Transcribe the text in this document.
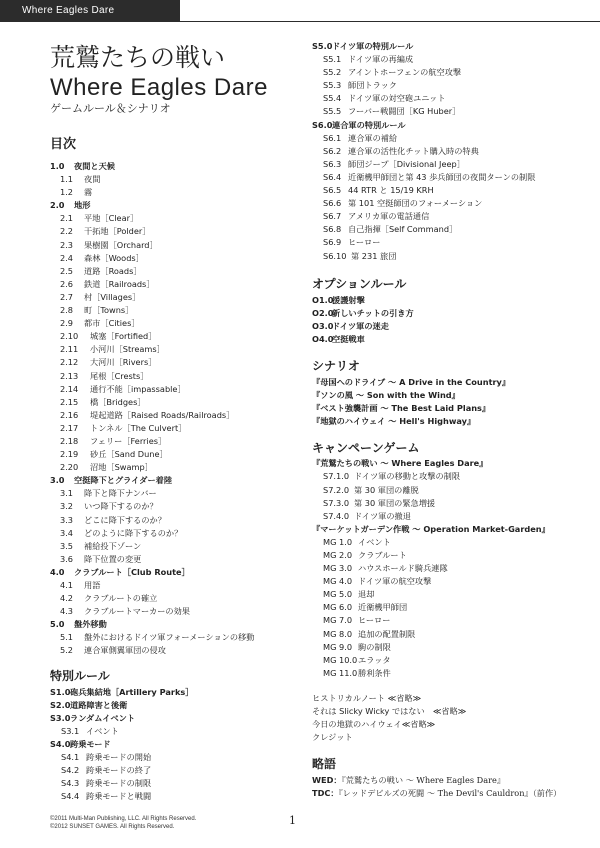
Where Eagles Dare
荒鷲たちの戦い
Where Eagles Dare
ゲームルール＆シナリオ
目次
1.0 夜間と天候
1.1 夜間
1.2 霧
2.0 地形
2.1 平地［Clear］
2.2 干拓地［Polder］
2.3 果樹園［Orchard］
2.4 森林［Woods］
2.5 道路［Roads］
2.6 鉄道［Railroads］
2.7 村［Villages］
2.8 町［Towns］
2.9 都市［Cities］
2.10 城塞［Fortified］
2.11 小河川［Streams］
2.12 大河川［Rivers］
2.13 尾根［Crests］
2.14 通行不能［impassable］
2.15 橋［Bridges］
2.16 堤起道路［Raised Roads/Railroads］
2.17 トンネル［The Culvert］
2.18 フェリー［Ferries］
2.19 砂丘［Sand Dune］
2.20 沼地［Swamp］
3.0 空挺降下とグライダー着陸
3.1 降下と降下ナンバー
3.2 いつ降下するのか？
3.3 どこに降下するのか？
3.4 どのように降下するのか？
3.5 補給投下ゾーン
3.6 降下位置の変更
4.0 クラブルート［Club Route］
4.1 用語
4.2 クラブルートの確立
4.3 クラブルートマーカーの効果
5.0 盤外移動
5.1 盤外におけるドイツ軍フォーメーションの移動
5.2 連合軍側翼軍団の侵攻
特別ルール
S1.0砲兵集結地［Artillery Parks］
S2.0道路障害と後衛
S3.0ランダムイベント
S3.1 イベント
S4.0跨乗モード
S4.1 跨乗モードの開始
S4.2 跨乗モードの終了
S4.3 跨乗モードの制限
S4.4 跨乗モードと戦闘
S5.0ドイツ軍の特別ルール
S5.1 ドイツ軍の再編成
S5.2 アイントホーフェンの航空攻撃
S5.3 師団トラック
S5.4 ドイツ軍の対空砲ユニット
S5.5 フーバー戦闘団［KG Huber］
S6.0連合軍の特別ルール
S6.1 連合軍の補給
S6.2 連合軍の活性化チット購入時の特典
S6.3 師団ジープ［Divisional Jeep］
S6.4 近衛機甲師団と第 43 歩兵師団の夜間ターンの制限
S6.5 44 RTR と 15/19 KRH
S6.6 第 101 空挺師団のフォーメーション
S6.7 アメリカ軍の電話通信
S6.8 自己指揮［Self Command］
S6.9 ヒーロー
S6.10 第 231 旅団
オプションルール
O1.0援護射撃
O2.0新しいチットの引き方
O3.0ドイツ軍の迷走
O4.0空挺戦車
シナリオ
『母国へのドライブ 〜 A Drive in the Country』
『ソンの風 〜 Son with the Wind』
『ベスト強襲計画 〜 The Best Laid Plans』
『地獄のハイウェイ 〜 Hell's Highway』
キャンペーンゲーム
『荒鷲たちの戦い 〜 Where Eagles Dare』
S7.1.0 ドイツ軍の移動と攻撃の制限
S7.2.0 第 30 軍団の離脱
S7.3.0 第 30 軍団の緊急増援
S7.4.0 ドイツ軍の撤退
『マーケットガーデン作戦 〜 Operation Market-Garden』
MG 1.0 イベント
MG 2.0 クラブルート
MG 3.0 ハウスホールド騎兵連隊
MG 4.0 ドイツ軍の航空攻撃
MG 5.0 退却
MG 6.0 近衛機甲師団
MG 7.0 ヒーロー
MG 8.0 追加の配置制限
MG 9.0 駒の制限
MG 10.0エラッタ
MG 11.0勝利条件
ヒストリカルノート ≪省略≫
それは Slicky Wicky ではない　≪省略≫
今日の地獄のハイウェイ≪省略≫
クレジット
略語
WED：『荒鷲たちの戦い 〜 Where Eagles Dare』
TDC：『レッドデビルズの死闘 〜 The Devil's Cauldron』（前作）
©2011 Multi-Man Publishing, LLC. All Rights Reserved.
©2012 SUNSET GAMES. All Rights Reserved.	1
